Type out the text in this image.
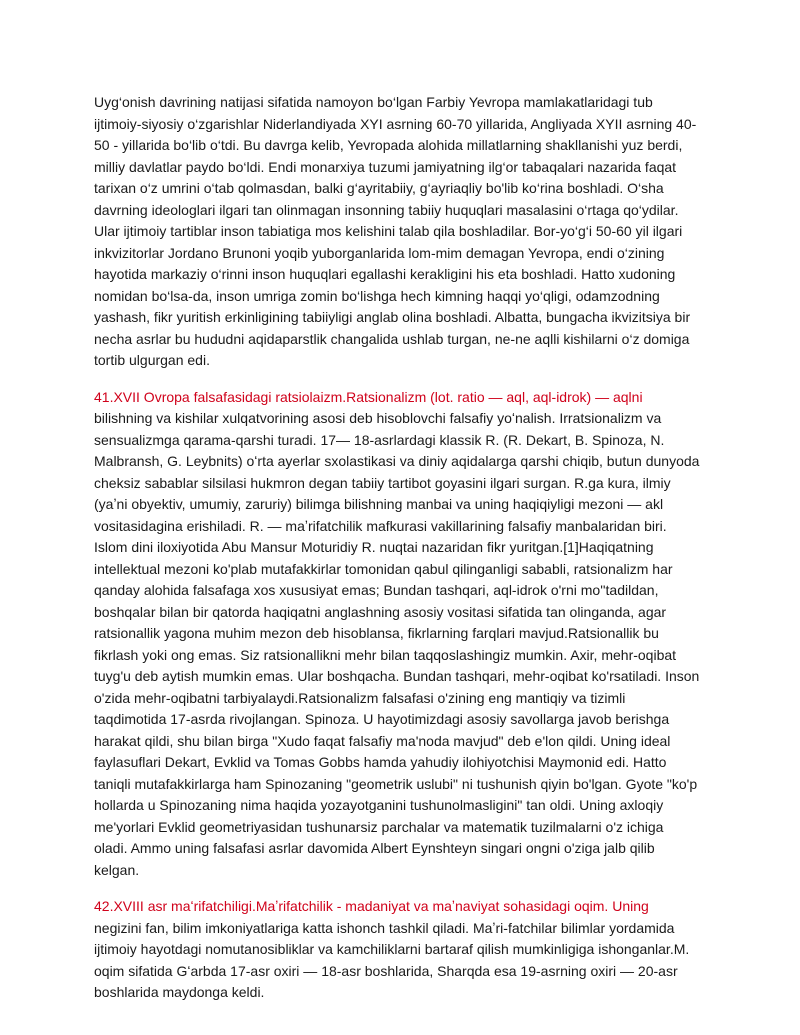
Uyg‘onish davrining natijasi sifatida namoyon bo‘lgan Farbiy Yevropa mamlakatlaridagi tub ijtimoiy-siyosiy o‘zgarishlar Niderlandiyada XYI asrning 60-70 yillarida, Angliyada XYII asrning 40-50 - yillarida bo‘lib o‘tdi. Bu davrga kelib, Yevropada alohida millatlarning shakllanishi yuz berdi, milliy davlatlar paydo bo‘ldi. Endi monarxiya tuzumi jamiyatning ilg‘or tabaqalari nazarida faqat tarixan o‘z umrini o‘tab qolmasdan, balki g‘ayritabiiy, g‘ayriaqliy bo'lib ko‘rina boshladi. O‘sha davrning ideologlari ilgari tan olinmagan insonning tabiiy huquqlari masalasini o‘rtaga qo‘ydilar. Ular ijtimoiy tartiblar inson tabiatiga mos kelishini talab qila boshladilar. Bor-yo‘g‘i 50-60 yil ilgari inkvizitorlar Jordano Brunoni yoqib yuborganlarida lom-mim demagan Yevropa, endi o‘zining hayotida markaziy o‘rinni inson huquqlari egallashi kerakligini his eta boshladi. Hatto xudoning nomidan bo‘lsa-da, inson umriga zomin bo‘lishga hech kimning haqqi yo‘qligi, odamzodning yashash, fikr yuritish erkinligining tabiiyligi anglab olina boshladi. Albatta, bungacha ikvizitsiya bir necha asrlar bu hududni aqidaparstlik changalida ushlab turgan, ne-ne aqlli kishilarni o‘z domiga tortib ulgurgan edi.

41.XVII Ovropa falsafasidagi ratsiolaizm.Ratsionalizm (lot. ratio — aql, aql-idrok) — aqlni bilishning va kishilar xulqatvorining asosi deb hisoblovchi falsafiy yoʻnalish. Irratsionalizm va sensualizmga qarama-qarshi turadi. 17— 18-asrlardagi klassik R. (R. Dekart, B. Spinoza, N. Malbransh, G. Leybnits) oʻrta ayerlar sxolastikasi va diniy aqidalarga qarshi chiqib, butun dunyoda cheksiz sabablar silsilasi hukmron degan tabiiy tartibot goyasini ilgari surgan. R.ga kura, ilmiy (yaʼni obyektiv, umumiy, zaruriy) bilimga bilishning manbai va uning haqiqiyligi mezoni — akl vositasidagina erishiladi. R. — maʼrifatchilik mafkurasi vakillarining falsafiy manbalaridan biri. Islom dini iloxiyotida Abu Mansur Moturidiy R. nuqtai nazaridan fikr yuritgan.[1]Haqiqatning intellektual mezoni ko'plab mutafakkirlar tomonidan qabul qilinganligi sababli, ratsionalizm har qanday alohida falsafaga xos xususiyat emas; Bundan tashqari, aql-idrok o'rni mo''tadildan, boshqalar bilan bir qatorda haqiqatni anglashning asosiy vositasi sifatida tan olinganda, agar ratsionallik yagona muhim mezon deb hisoblansa, fikrlarning farqlari mavjud.Ratsionallik bu fikrlash yoki ong emas. Siz ratsionallikni mehr bilan taqqoslashingiz mumkin. Axir, mehr-oqibat tuyg'u deb aytish mumkin emas. Ular boshqacha. Bundan tashqari, mehr-oqibat ko'rsatiladi. Inson o'zida mehr-oqibatni tarbiyalaydi.Ratsionalizm falsafasi o'zining eng mantiqiy va tizimli taqdimotida 17-asrda rivojlangan. Spinoza. U hayotimizdagi asosiy savollarga javob berishga harakat qildi, shu bilan birga "Xudo faqat falsafiy ma'noda mavjud" deb e'lon qildi. Uning ideal faylasuflari Dekart, Evklid va Tomas Gobbs hamda yahudiy ilohiyotchisi Maymonid edi. Hatto taniqli mutafakkirlarga ham Spinozaning "geometrik uslubi" ni tushunish qiyin bo'lgan. Gyote "ko'p hollarda u Spinozaning nima haqida yozayotganini tushunolmasligini" tan oldi. Uning axloqiy me'yorlari Evklid geometriyasidan tushunarsiz parchalar va matematik tuzilmalarni o'z ichiga oladi. Ammo uning falsafasi asrlar davomida Albert Eynshteyn singari ongni o'ziga jalb qilib kelgan.

42.XVIII asr maʻrifatchiligi.Maʼrifatchilik - madaniyat va maʼnaviyat sohasidagi oqim. Uning negizini fan, bilim imkoniyatlariga katta ishonch tashkil qiladi. Maʼri-fatchilar bilimlar yordamida ijtimoiy hayotdagi nomutanosibliklar va kamchiliklarni bartaraf qilish mumkinligiga ishonganlar.M. oqim sifatida Gʻarbda 17-asr oxiri — 18-asr boshlarida, Sharqda esa 19-asrning oxiri — 20-asr boshlarida maydonga keldi.
